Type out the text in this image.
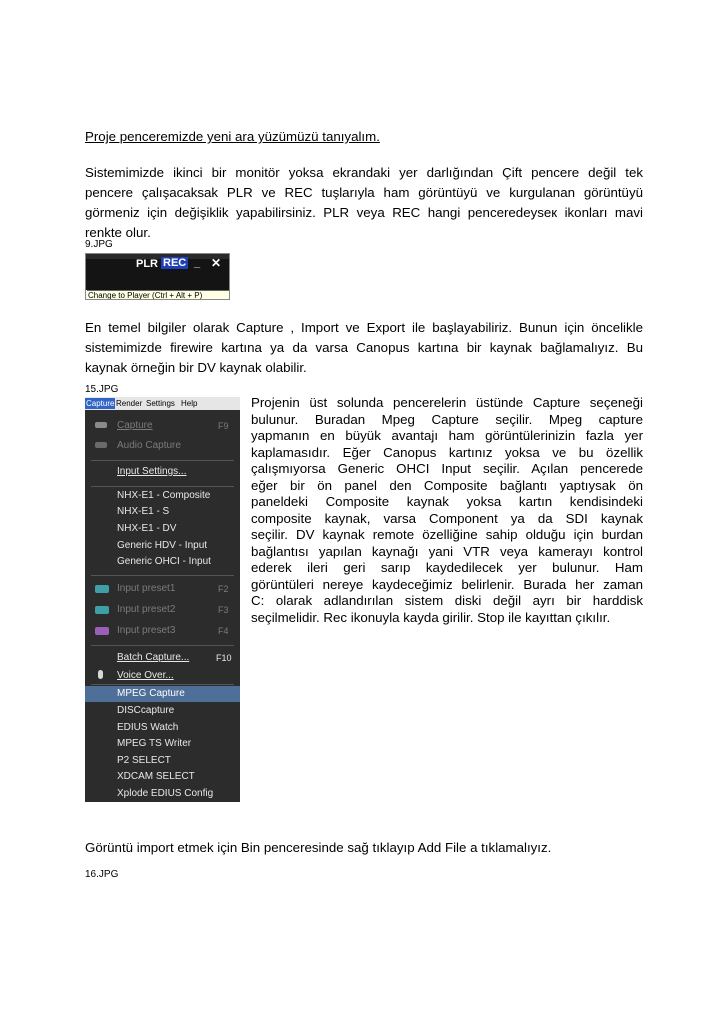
Proje penceremizde yeni ara yüzümüzü tanıyalım.
Sistemimizde ikinci bir monitör yoksa ekrandaki yer darlığından Çift pencere değil tek
pencere çalışacaksak PLR ve REC tuşlarıyla ham görüntüyü ve kurgulanan görüntüyü
görmeniz için değişiklik yapabilirsiniz. PLR veya REC hangi penceredeyseк ikonları mavi
renkte olur.
9.JPG
PLR REC _ ✕
Change to Player (Ctrl + Alt + P)
En temel bilgiler olarak Capture , Import ve Export ile başlayabiliriz. Bunun için öncelikle
sistemimizde firewire kartına ya da varsa Canopus kartına bir kaynak bağlamalıyız. Bu
kaynak örneğin bir DV kaynak olabilir.
15.JPG
Capture Render Settings Help
Capture	F9
Audio Capture
Input Settings...
NHX-E1 - Composite
NHX-E1 - S
NHX-E1 - DV
Generic HDV - Input
Generic OHCI - Input
Input preset1	F2
Input preset2	F3
Input preset3	F4
Batch Capture...	F10
Voice Over...
MPEG Capture
DISCcapture
EDIUS Watch
MPEG TS Writer
P2 SELECT
XDCAM SELECT
Xplode EDIUS Config
Projenin üst solunda pencerelerin üstünde Capture seçeneği
bulunur. Buradan Mpeg Capture seçilir. Mpeg capture
yapmanın en büyük avantajı ham görüntülerinizin fazla yer
kaplamasıdır. Eğer Canopus kartınız yoksa ve bu özellik
çalışmıyorsa Generic OHCI Input seçilir. Açılan pencerede
eğer bir ön panel den Composite bağlantı yaptıysak ön
paneldeki Composite kaynak yoksa kartın kendisindeki
composite kaynak, varsa Component ya da SDI kaynak
seçilir. DV kaynak remote özelliğine sahip olduğu için burdan
bağlantısı yapılan kaynağı yani VTR veya kamerayı kontrol
ederek ileri geri sarıp kaydedilecek yer bulunur. Ham
görüntüleri nereye kaydeceğimiz belirlenir. Burada her zaman
C: olarak adlandırılan sistem diski değil ayrı bir harddisk
seçilmelidir. Rec ikonuyla kayda girilir. Stop ile kayıttan çıkılır.
Görüntü import etmek için Bin penceresinde sağ tıklayıp Add File a tıklamalıyız.
16.JPG
